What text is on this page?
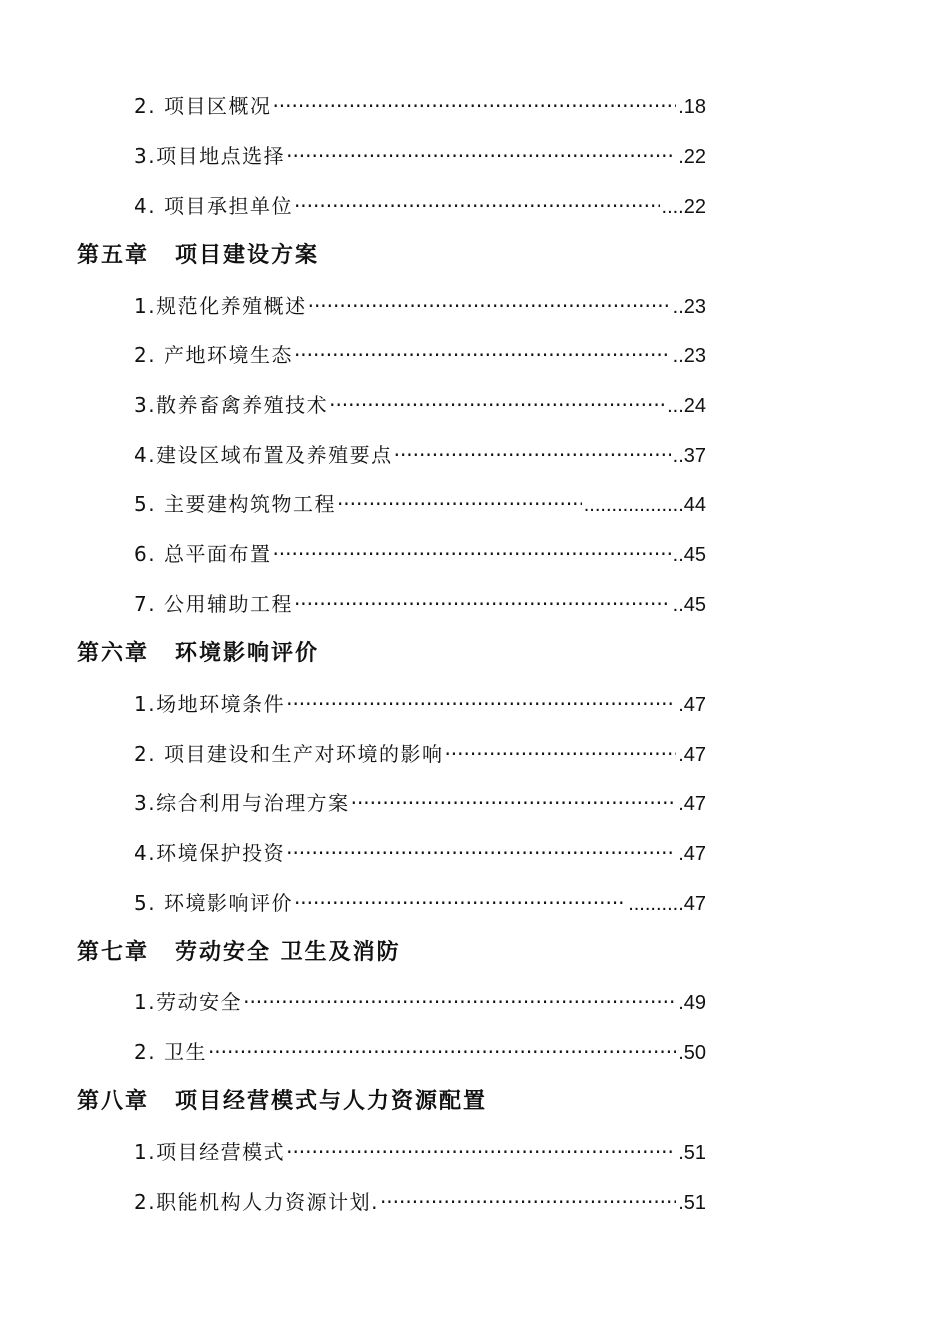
2. 项目区概况 ·····	.18
3.项目地点选择 ·····	.22
4. 项目承担单位 ·····	....22
第五章 项目建设方案
1.规范化养殖概述 ·····	..23
2. 产地环境生态 ·····	..23
3.散养畜禽养殖技术 ·····	...24
4.建设区域布置及养殖要点 ·····	..37
5. 主要建构筑物工程 ·····	..................44
6. 总平面布置 ·····	..45
7. 公用辅助工程 ·····	..45
第六章 环境影响评价
1.场地环境条件 ·····	.47
2. 项目建设和生产对环境的影响 ·····	.47
3.综合利用与治理方案 ·····	.47
4.环境保护投资 ·····	.47
5. 环境影响评价 ·····	..........47
第七章 劳动安全 卫生及消防
1.劳动安全 ·····	.49
2. 卫生 ·····	.50
第八章 项目经营模式与人力资源配置
1.项目经营模式 ·····	.51
2.职能机构人力资源计划. ·····	.51
